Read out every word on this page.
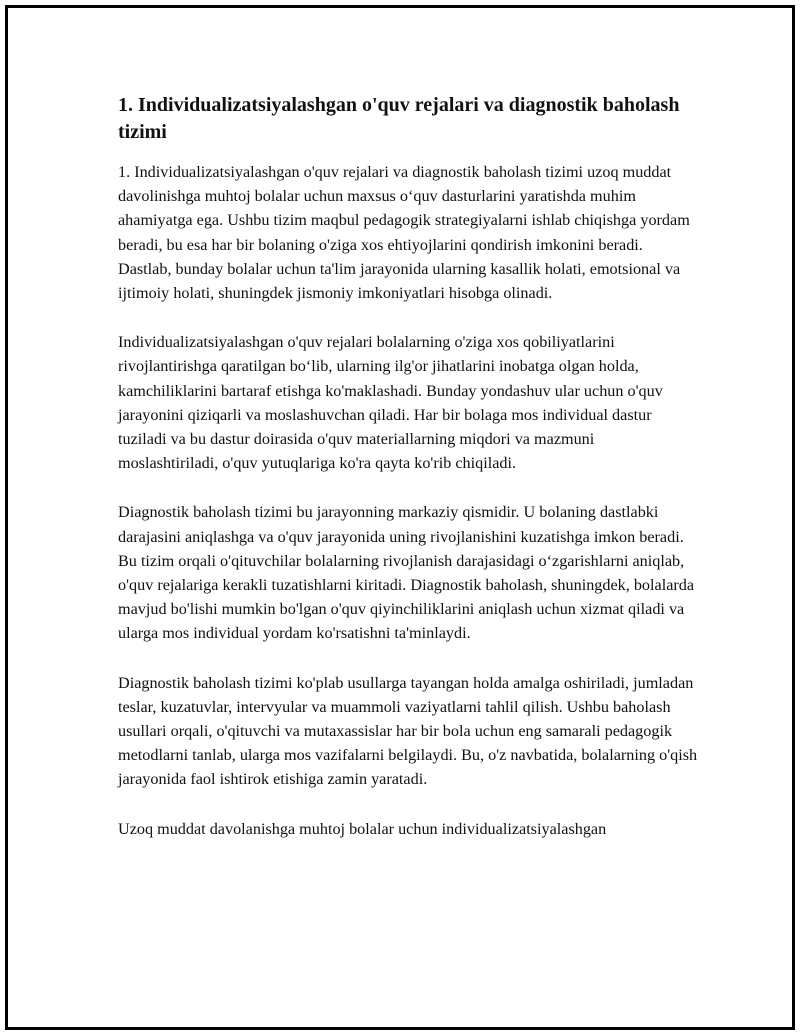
1. Individualizatsiyalashgan o'quv rejalari va diagnostik baholash tizimi

1. Individualizatsiyalashgan o'quv rejalari va diagnostik baholash tizimi uzoq muddat davolinishga muhtoj bolalar uchun maxsus o‘quv dasturlarini yaratishda muhim ahamiyatga ega. Ushbu tizim maqbul pedagogik strategiyalarni ishlab chiqishga yordam beradi, bu esa har bir bolaning o'ziga xos ehtiyojlarini qondirish imkonini beradi. Dastlab, bunday bolalar uchun ta'lim jarayonida ularning kasallik holati, emotsional va ijtimoiy holati, shuningdek jismoniy imkoniyatlari hisobga olinadi.

Individualizatsiyalashgan o'quv rejalari bolalarning o'ziga xos qobiliyatlarini rivojlantirishga qaratilgan bo‘lib, ularning ilg'or jihatlarini inobatga olgan holda, kamchiliklarini bartaraf etishga ko'maklashadi. Bunday yondashuv ular uchun o'quv jarayonini qiziqarli va moslashuvchan qiladi. Har bir bolaga mos individual dastur tuziladi va bu dastur doirasida o'quv materiallarning miqdori va mazmuni moslashtiriladi, o'quv yutuqlariga ko'ra qayta ko'rib chiqiladi.

Diagnostik baholash tizimi bu jarayonning markaziy qismidir. U bolaning dastlabki darajasini aniqlashga va o'quv jarayonida uning rivojlanishini kuzatishga imkon beradi. Bu tizim orqali o'qituvchilar bolalarning rivojlanish darajasidagi o‘zgarishlarni aniqlab, o'quv rejalariga kerakli tuzatishlarni kiritadi. Diagnostik baholash, shuningdek, bolalarda mavjud bo'lishi mumkin bo'lgan o'quv qiyinchiliklarini aniqlash uchun xizmat qiladi va ularga mos individual yordam ko'rsatishni ta'minlaydi.

Diagnostik baholash tizimi ko'plab usullarga tayangan holda amalga oshiriladi, jumladan teslar, kuzatuvlar, intervyular va muammoli vaziyatlarni tahlil qilish. Ushbu baholash usullari orqali, o'qituvchi va mutaxassislar har bir bola uchun eng samarali pedagogik metodlarni tanlab, ularga mos vazifalarni belgilaydi. Bu, o'z navbatida, bolalarning o'qish jarayonida faol ishtirok etishiga zamin yaratadi.

Uzoq muddat davolanishga muhtoj bolalar uchun individualizatsiyalashgan
